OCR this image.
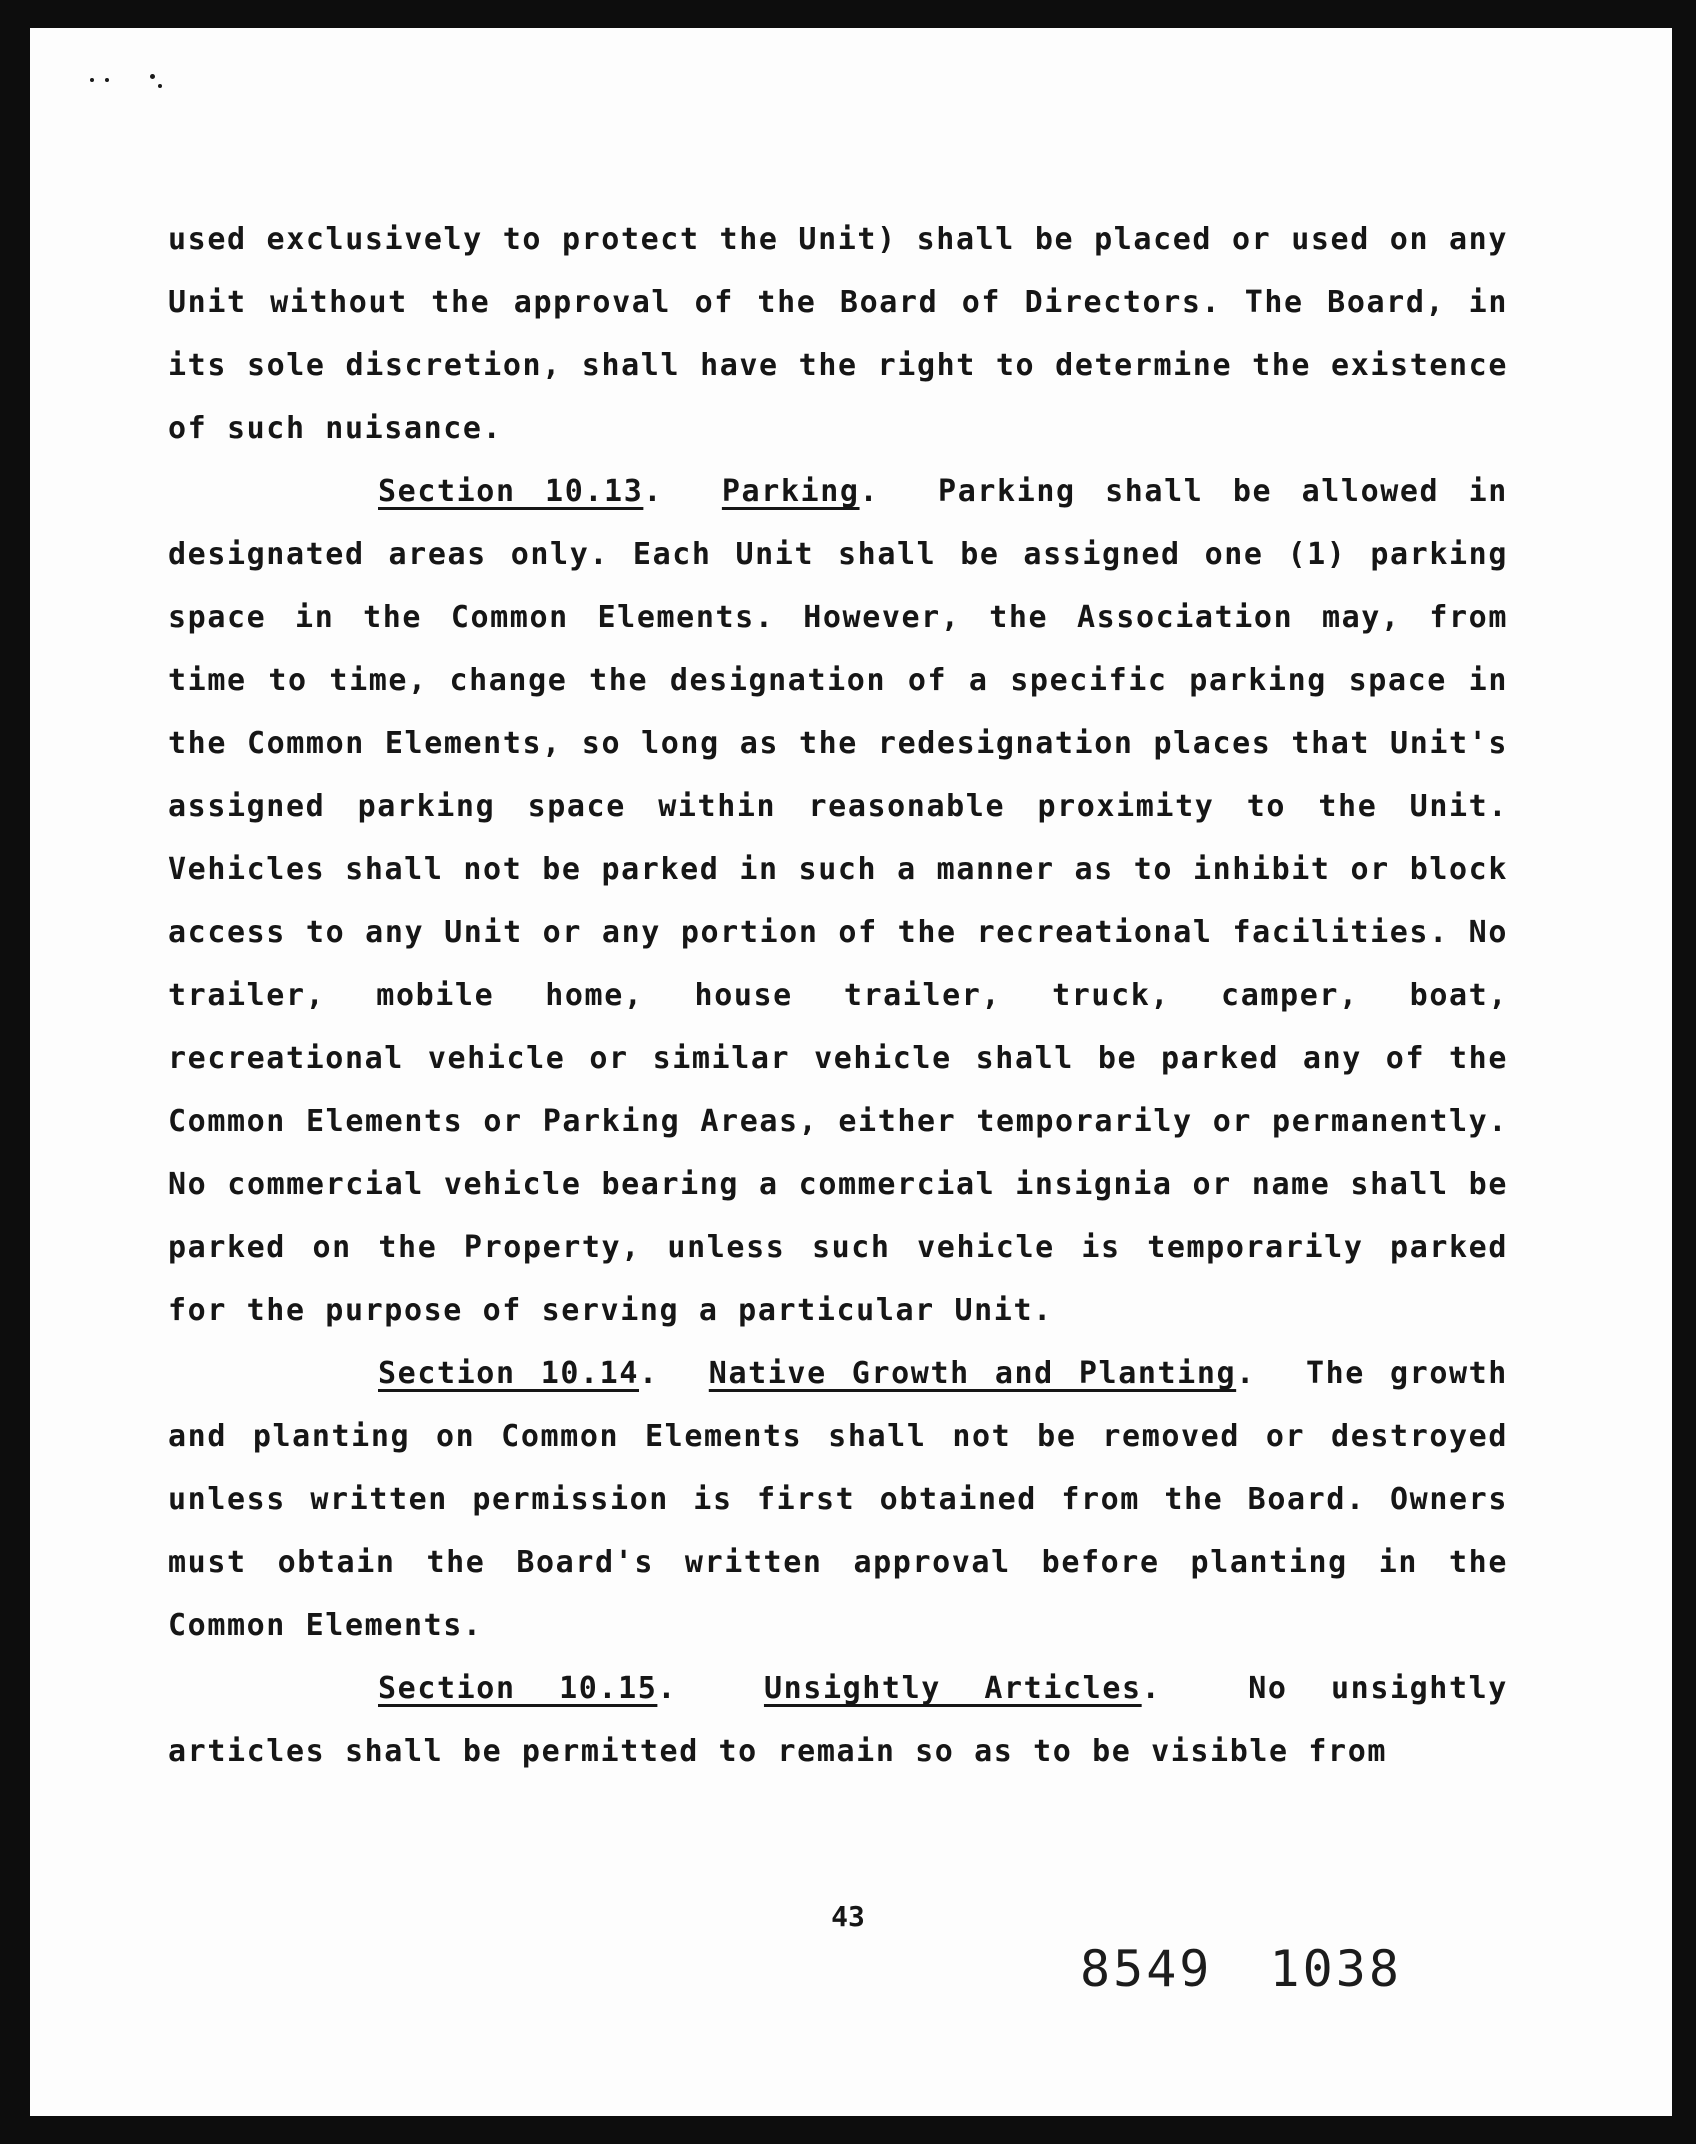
used exclusively to protect the Unit) shall be placed or used on any Unit without the approval of the Board of Directors. The Board, in its sole discretion, shall have the right to determine the existence of such nuisance.

Section 10.13.  Parking.  Parking shall be allowed in designated areas only. Each Unit shall be assigned one (1) parking space in the Common Elements. However, the Association may, from time to time, change the designation of a specific parking space in the Common Elements, so long as the redesignation places that Unit's assigned parking space within reasonable proximity to the Unit. Vehicles shall not be parked in such a manner as to inhibit or block access to any Unit or any portion of the recreational facilities. No trailer, mobile home, house trailer, truck, camper, boat, recreational vehicle or similar vehicle shall be parked any of the Common Elements or Parking Areas, either temporarily or permanently. No commercial vehicle bearing a commercial insignia or name shall be parked on the Property, unless such vehicle is temporarily parked for the purpose of serving a particular Unit.

Section 10.14.  Native Growth and Planting.  The growth and planting on Common Elements shall not be removed or destroyed unless written permission is first obtained from the Board. Owners must obtain the Board's written approval before planting in the Common Elements.

Section 10.15.  Unsightly Articles.  No unsightly articles shall be permitted to remain so as to be visible from

43
8549 1038
